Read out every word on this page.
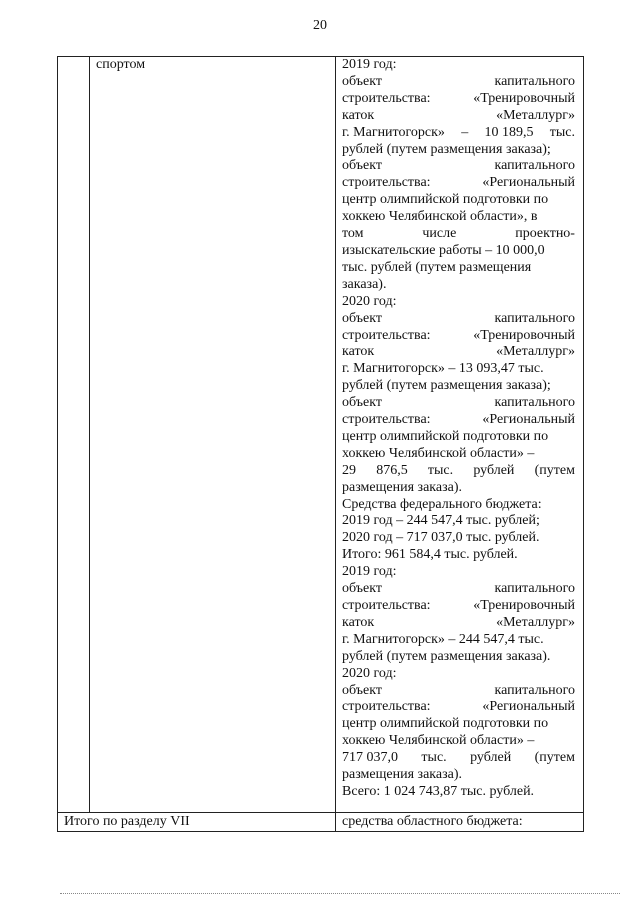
20
спортом	2019 год:
объект	капитального
строительства:	«Тренировочный
каток	«Металлург»
г. Магнитогорск» – 10 189,5 тыс.
рублей (путем размещения заказа);
объект	капитального
строительства:	«Региональный
центр олимпийской подготовки по
хоккею Челябинской области», в
том	числе	проектно-
изыскательские работы – 10 000,0
тыс. рублей (путем размещения
заказа).
2020 год:
объект	капитального
строительства:	«Тренировочный
каток	«Металлург»
г. Магнитогорск» – 13 093,47 тыс.
рублей (путем размещения заказа);
объект	капитального
строительства:	«Региональный
центр олимпийской подготовки по
хоккею Челябинской области» –
29 876,5 тыс. рублей (путем
размещения заказа).
Средства федерального бюджета:
2019 год – 244 547,4 тыс. рублей;
2020 год – 717 037,0 тыс. рублей.
Итого: 961 584,4 тыс. рублей.
2019 год:
объект	капитального
строительства:	«Тренировочный
каток	«Металлург»
г. Магнитогорск» – 244 547,4 тыс.
рублей (путем размещения заказа).
2020 год:
объект	капитального
строительства:	«Региональный
центр олимпийской подготовки по
хоккею Челябинской области» –
717 037,0 тыс. рублей (путем
размещения заказа).
Всего: 1 024 743,87 тыс. рублей.
Итого по разделу VII	средства областного бюджета:
